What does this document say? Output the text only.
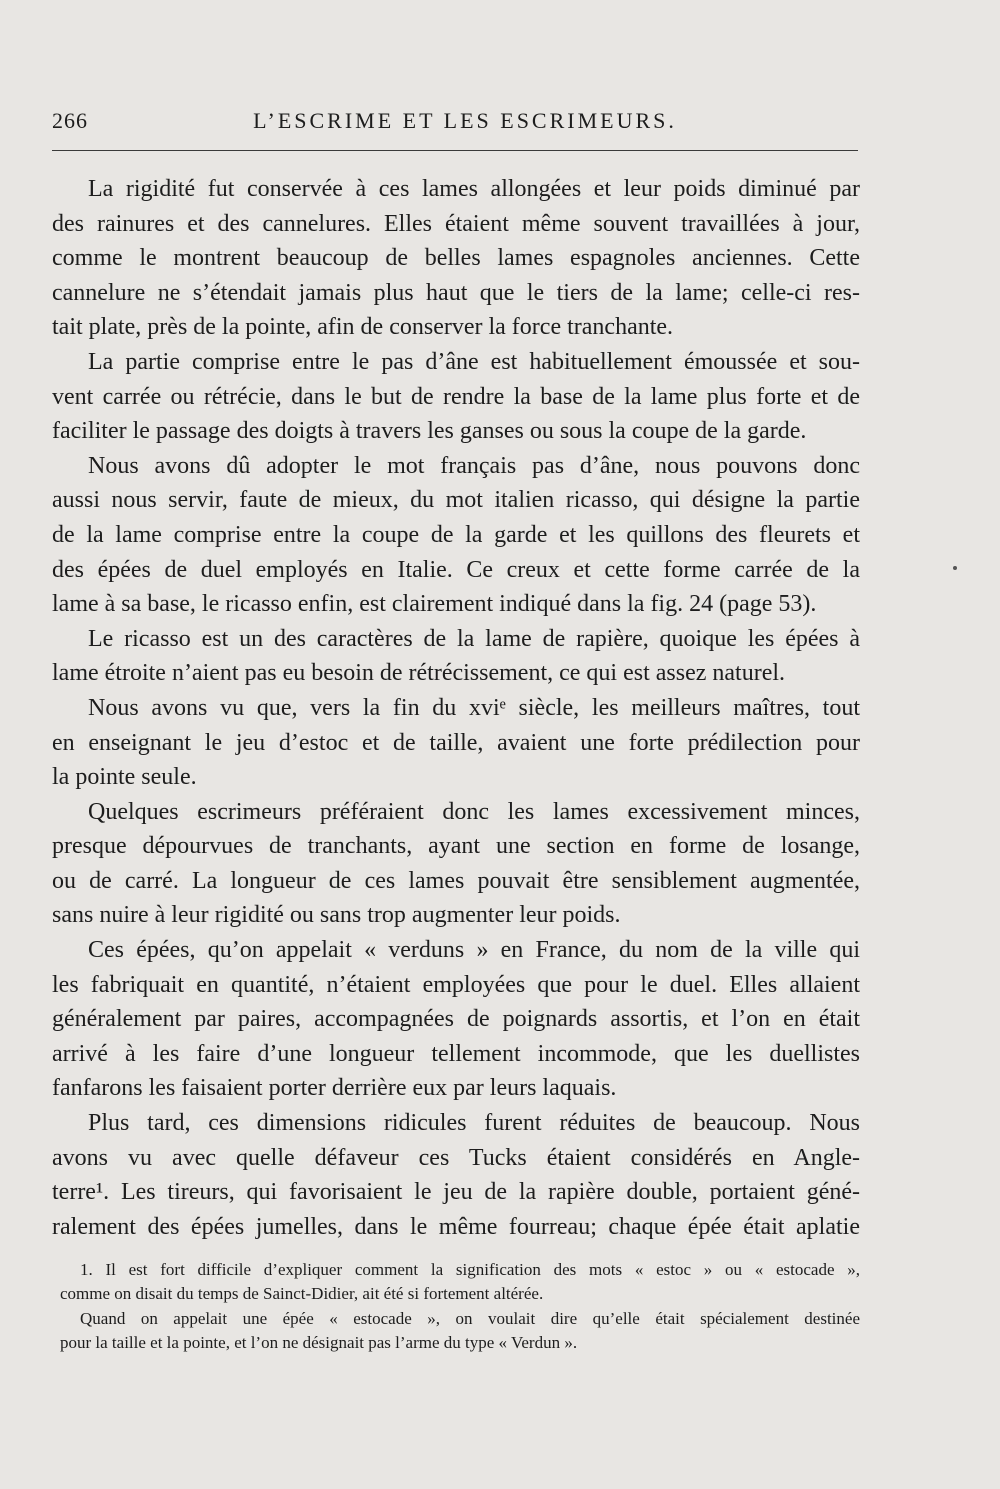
266	L’ESCRIME ET LES ESCRIMEURS.

La rigidité fut conservée à ces lames allongées et leur poids diminué par
des rainures et des cannelures. Elles étaient même souvent travaillées à jour,
comme le montrent beaucoup de belles lames espagnoles anciennes. Cette
cannelure ne s’étendait jamais plus haut que le tiers de la lame; celle-ci res-
tait plate, près de la pointe, afin de conserver la force tranchante.

La partie comprise entre le pas d’âne est habituellement émoussée et sou-
vent carrée ou rétrécie, dans le but de rendre la base de la lame plus forte et de
faciliter le passage des doigts à travers les ganses ou sous la coupe de la garde.

Nous avons dû adopter le mot français pas d’âne, nous pouvons donc
aussi nous servir, faute de mieux, du mot italien ricasso, qui désigne la partie
de la lame comprise entre la coupe de la garde et les quillons des fleurets et
des épées de duel employés en Italie. Ce creux et cette forme carrée de la
lame à sa base, le ricasso enfin, est clairement indiqué dans la fig. 24 (page 53).

Le ricasso est un des caractères de la lame de rapière, quoique les épées à
lame étroite n’aient pas eu besoin de rétrécissement, ce qui est assez naturel.

Nous avons vu que, vers la fin du xviᵉ siècle, les meilleurs maîtres, tout
en enseignant le jeu d’estoc et de taille, avaient une forte prédilection pour
la pointe seule.

Quelques escrimeurs préféraient donc les lames excessivement minces,
presque dépourvues de tranchants, ayant une section en forme de losange,
ou de carré. La longueur de ces lames pouvait être sensiblement augmentée,
sans nuire à leur rigidité ou sans trop augmenter leur poids.

Ces épées, qu’on appelait « verduns » en France, du nom de la ville qui
les fabriquait en quantité, n’étaient employées que pour le duel. Elles allaient
généralement par paires, accompagnées de poignards assortis, et l’on en était
arrivé à les faire d’une longueur tellement incommode, que les duellistes
fanfarons les faisaient porter derrière eux par leurs laquais.

Plus tard, ces dimensions ridicules furent réduites de beaucoup. Nous
avons vu avec quelle défaveur ces Tucks étaient considérés en Angle-
terre¹. Les tireurs, qui favorisaient le jeu de la rapière double, portaient géné-
ralement des épées jumelles, dans le même fourreau; chaque épée était aplatie

1. Il est fort difficile d’expliquer comment la signification des mots « estoc » ou « estocade »,
comme on disait du temps de Sainct-Didier, ait été si fortement altérée.

Quand on appelait une épée « estocade », on voulait dire qu’elle était spécialement destinée
pour la taille et la pointe, et l’on ne désignait pas l’arme du type « Verdun ».
